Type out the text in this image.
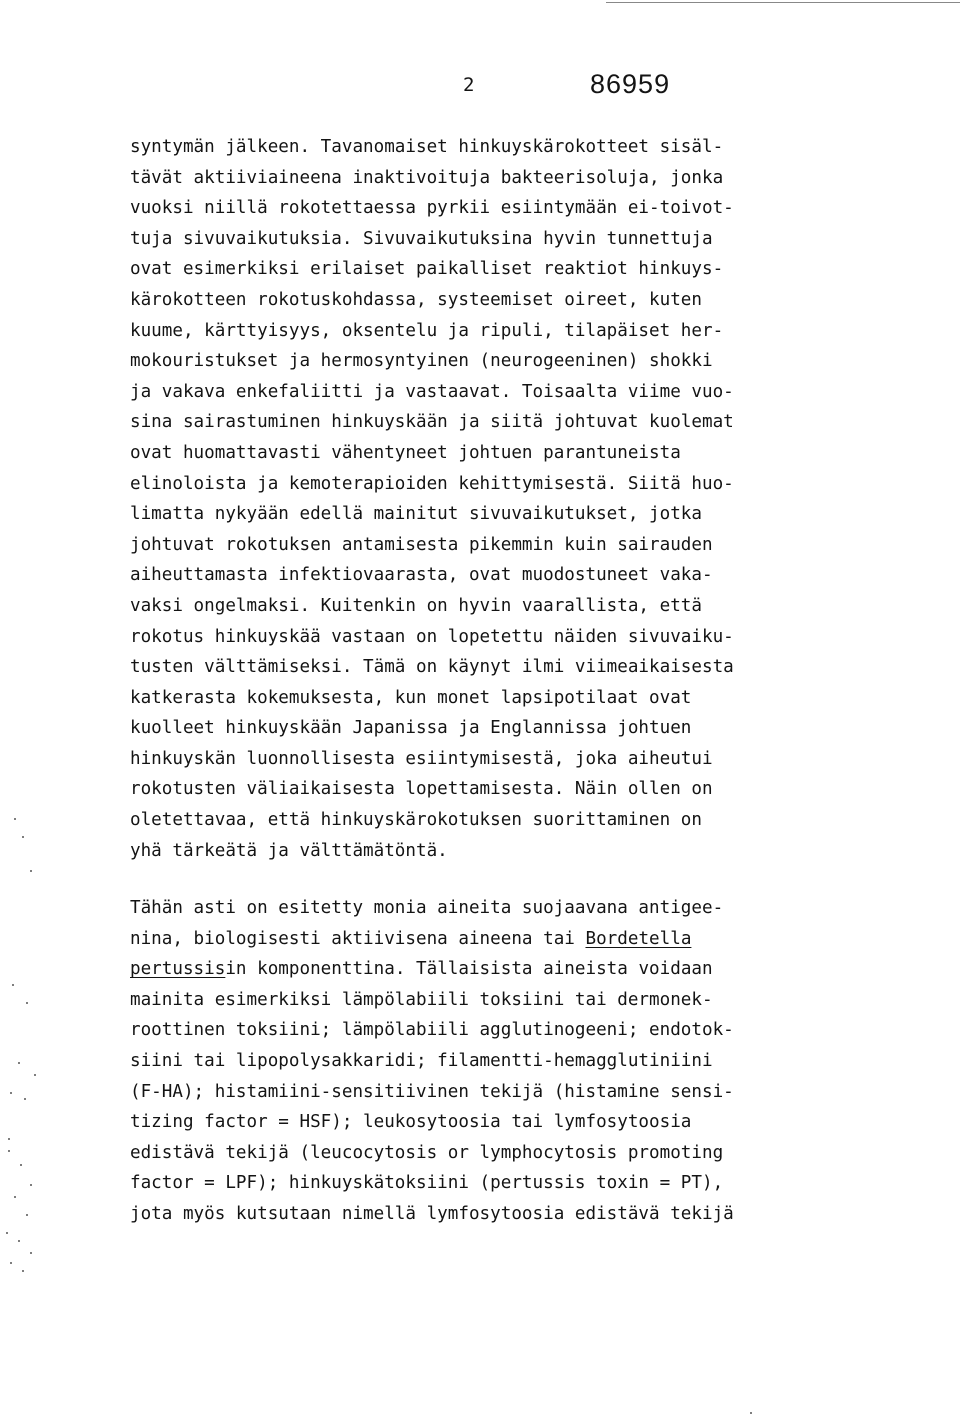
2	86959
syntymän jälkeen. Tavanomaiset hinkuyskärokotteet sisäl-
tävät aktiiviaineena inaktivoituja bakteerisoluja, jonka
vuoksi niillä rokotettaessa pyrkii esiintymään ei-toivot-
tuja sivuvaikutuksia. Sivuvaikutuksina hyvin tunnettuja
ovat esimerkiksi erilaiset paikalliset reaktiot hinkuys-
kärokotteen rokotuskohdassa, systeemiset oireet, kuten
kuume, kärttyisyys, oksentelu ja ripuli, tilapäiset her-
mokouristukset ja hermosyntyinen (neurogeeninen) shokki
ja vakava enkefaliitti ja vastaavat. Toisaalta viime vuo-
sina sairastuminen hinkuyskään ja siitä johtuvat kuolemat
ovat huomattavasti vähentyneet johtuen parantuneista
elinoloista ja kemoterapioiden kehittymisestä. Siitä huo-
limatta nykyään edellä mainitut sivuvaikutukset, jotka
johtuvat rokotuksen antamisesta pikemmin kuin sairauden
aiheuttamasta infektiovaarasta, ovat muodostuneet vaka-
vaksi ongelmaksi. Kuitenkin on hyvin vaarallista, että
rokotus hinkuyskää vastaan on lopetettu näiden sivuvaiku-
tusten välttämiseksi. Tämä on käynyt ilmi viimeaikaisesta
katkerasta kokemuksesta, kun monet lapsipotilaat ovat
kuolleet hinkuyskään Japanissa ja Englannissa johtuen
hinkuyskän luonnollisesta esiintymisestä, joka aiheutui
rokotusten väliaikaisesta lopettamisesta. Näin ollen on
oletettavaa, että hinkuyskärokotuksen suorittaminen on
yhä tärkeätä ja välttämätöntä.
Tähän asti on esitetty monia aineita suojaavana antigee-
nina, biologisesti aktiivisena aineena tai Bordetella
pertussisin komponenttina. Tällaisista aineista voidaan
mainita esimerkiksi lämpölabiili toksiini tai dermonek-
roottinen toksiini; lämpölabiili agglutinogeeni; endotok-
siini tai lipopolysakkaridi; filamentti-hemagglutiniini
(F-HA); histamiini-sensitiivinen tekijä (histamine sensi-
tizing factor = HSF); leukosytoosia tai lymfosytoosia
edistävä tekijä (leucocytosis or lymphocytosis promoting
factor = LPF); hinkuyskätoksiini (pertussis toxin = PT),
jota myös kutsutaan nimellä lymfosytoosia edistävä tekijä
